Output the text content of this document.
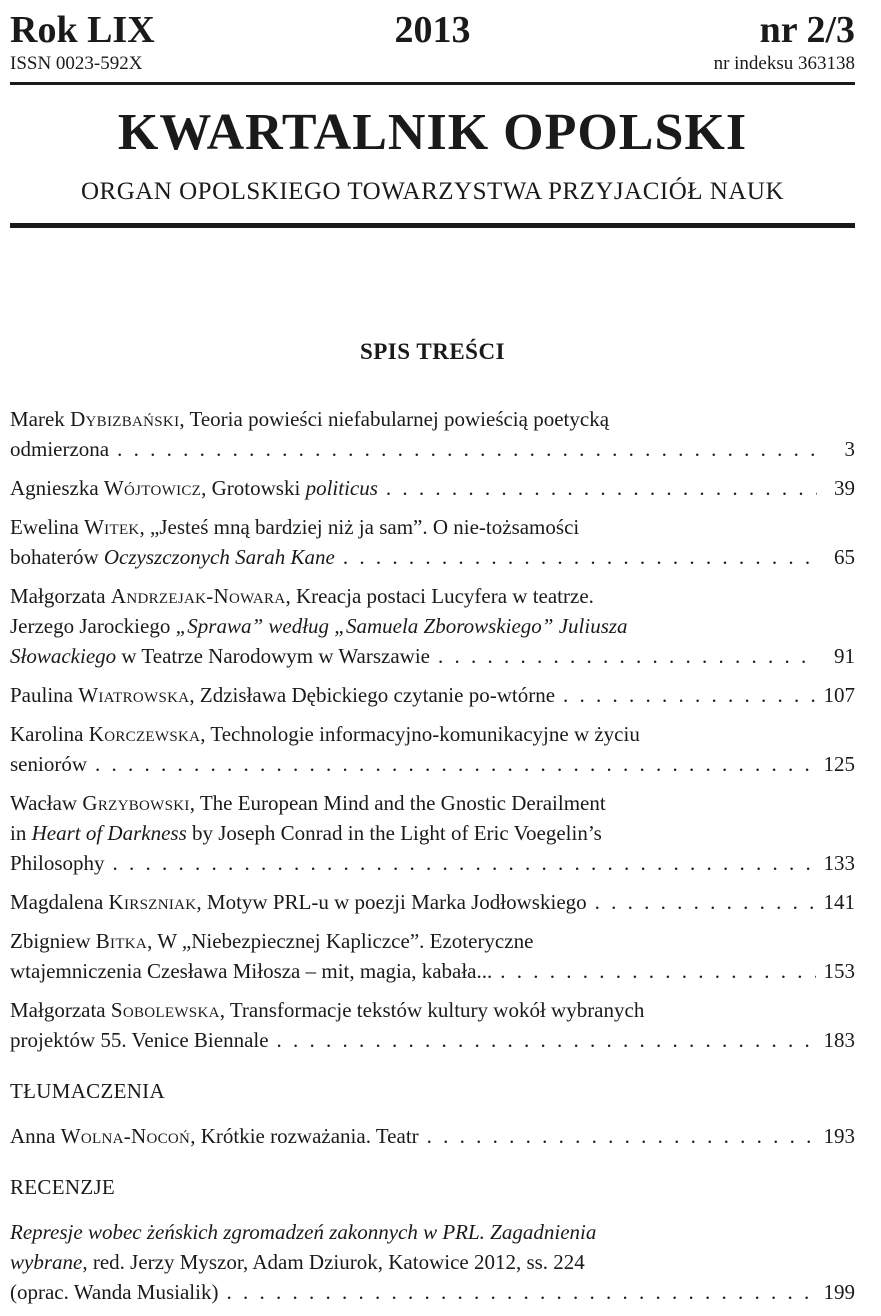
Rok LIX	2013	nr 2/3
ISSN 0023-592X	nr indeksu 363138
KWARTALNIK OPOLSKI
ORGAN OPOLSKIEGO TOWARZYSTWA PRZYJACIÓŁ NAUK
SPIS TREŚCI
Marek Dybizbański, Teoria powieści niefabularnej powieścią poetycką
odmierzona . . .	3
Agnieszka Wójtowicz, Grotowski politicus . . .	39
Ewelina Witek, „Jesteś mną bardziej niż ja sam”. O nie-tożsamości
bohaterów Oczyszczonych Sarah Kane . . .	65
Małgorzata Andrzejak-Nowara, Kreacja postaci Lucyfera w teatrze.
Jerzego Jarockiego „Sprawa” według „Samuela Zborowskiego” Juliusza
Słowackiego w Teatrze Narodowym w Warszawie . . .	91
Paulina Wiatrowska, Zdzisława Dębickiego czytanie po-wtórne . . .	107
Karolina Korczewska, Technologie informacyjno-komunikacyjne w życiu
seniorów . . .	125
Wacław Grzybowski, The European Mind and the Gnostic Derailment
in Heart of Darkness by Joseph Conrad in the Light of Eric Voegelin’s
Philosophy . . .	133
Magdalena Kirszniak, Motyw PRL-u w poezji Marka Jodłowskiego . . .	141
Zbigniew Bitka, W „Niebezpiecznej Kapliczce”. Ezoteryczne
wtajemniczenia Czesława Miłosza – mit, magia, kabała... . . .	153
Małgorzata Sobolewska, Transformacje tekstów kultury wokół wybranych
projektów 55. Venice Biennale . . .	183
TŁUMACZENIA
Anna Wolna-Nocoń, Krótkie rozważania. Teatr . . .	193
RECENZJE
Represje wobec żeńskich zgromadzeń zakonnych w PRL. Zagadnienia
wybrane, red. Jerzy Myszor, Adam Dziurok, Katowice 2012, ss. 224
(oprac. Wanda Musialik) . . .	199
